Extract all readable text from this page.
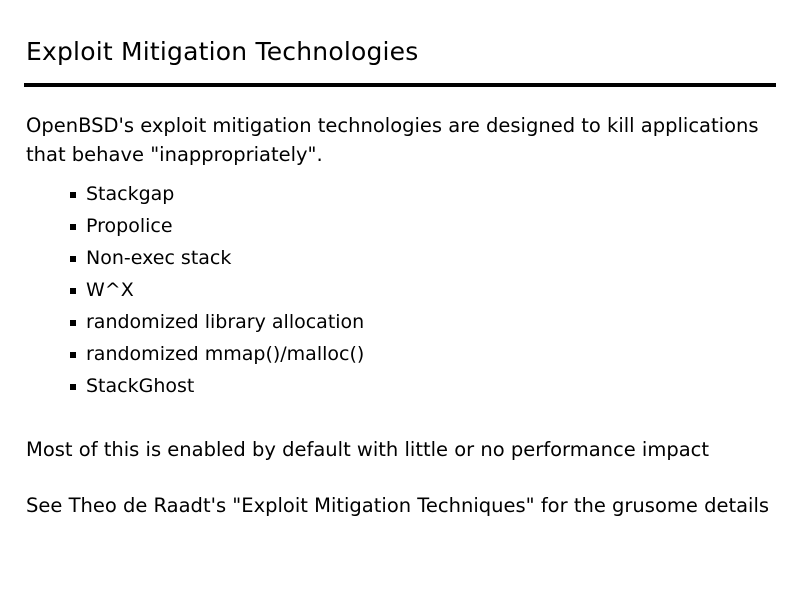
Exploit Mitigation Technologies

OpenBSD's exploit mitigation technologies are designed to kill applications that behave "inappropriately".

Stackgap
Propolice
Non-exec stack
W^X
randomized library allocation
randomized mmap()/malloc()
StackGhost

Most of this is enabled by default with little or no performance impact

See Theo de Raadt's "Exploit Mitigation Techniques" for the grusome details
